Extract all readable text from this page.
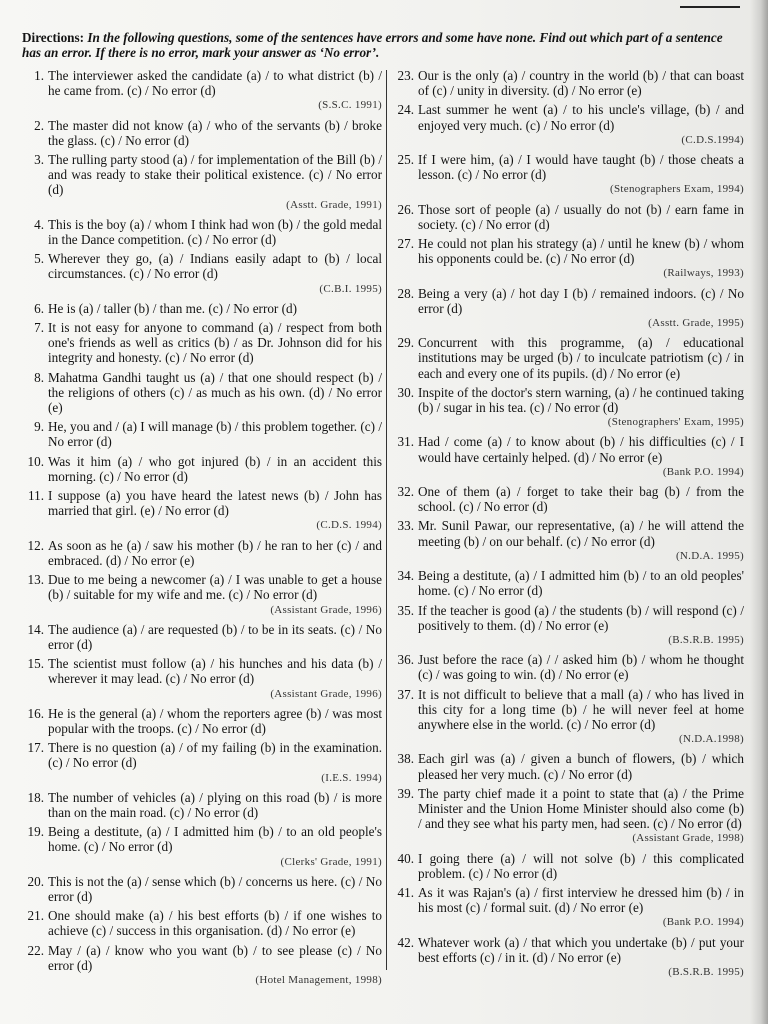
Directions: In the following questions, some of the sentences have errors and some have none. Find out which part of a sentence has an error. If there is no error, mark your answer as ‘No error’.
1. The interviewer asked the candidate (a) / to what district (b) / he came from. (c) / No error (d)
(S.S.C. 1991)
2. The master did not know (a) / who of the servants (b) / broke the glass. (c) / No error (d)
3. The rulling party stood (a) / for implementation of the Bill (b) / and was ready to stake their political existence. (c) / No error (d)
(Asstt. Grade, 1991)
4. This is the boy (a) / whom I think had won (b) / the gold medal in the Dance competition. (c) / No error (d)
5. Wherever they go, (a) / Indians easily adapt to (b) / local circumstances. (c) / No error (d)
(C.B.I. 1995)
6. He is (a) / taller (b) / than me. (c) / No error (d)
7. It is not easy for anyone to command (a) / respect from both one's friends as well as critics (b) / as Dr. Johnson did for his integrity and honesty. (c) / No error (d)
8. Mahatma Gandhi taught us (a) / that one should respect (b) / the religions of others (c) / as much as his own. (d) / No error (e)
9. He, you and / (a) I will manage (b) / this problem together. (c) / No error (d)
10. Was it him (a) / who got injured (b) / in an accident this morning. (c) / No error (d)
11. I suppose (a) you have heard the latest news (b) / John has married that girl. (e) / No error (d)
(C.D.S. 1994)
12. As soon as he (a) / saw his mother (b) / he ran to her (c) / and embraced. (d) / No error (e)
13. Due to me being a newcomer (a) / I was unable to get a house (b) / suitable for my wife and me. (c) / No error (d)
(Assistant Grade, 1996)
14. The audience (a) / are requested (b) / to be in its seats. (c) / No error (d)
15. The scientist must follow (a) / his hunches and his data (b) / wherever it may lead. (c) / No error (d)
(Assistant Grade, 1996)
16. He is the general (a) / whom the reporters agree (b) / was most popular with the troops. (c) / No error (d)
17. There is no question (a) / of my failing (b) in the examination. (c) / No error (d)
(I.E.S. 1994)
18. The number of vehicles (a) / plying on this road (b) / is more than on the main road. (c) / No error (d)
19. Being a destitute, (a) / I admitted him (b) / to an old people's home. (c) / No error (d)
(Clerks' Grade, 1991)
20. This is not the (a) / sense which (b) / concerns us here. (c) / No error (d)
21. One should make (a) / his best efforts (b) / if one wishes to achieve (c) / success in this organisation. (d) / No error (e)
22. May / (a) / know who you want (b) / to see please (c) / No error (d)
(Hotel Management, 1998)
23. Our is the only (a) / country in the world (b) / that can boast of (c) / unity in diversity. (d) / No error (e)
24. Last summer he went (a) / to his uncle's village, (b) / and enjoyed very much. (c) / No error (d)
(C.D.S.1994)
25. If I were him, (a) / I would have taught (b) / those cheats a lesson. (c) / No error (d)
(Stenographers Exam, 1994)
26. Those sort of people (a) / usually do not (b) / earn fame in society. (c) / No error (d)
27. He could not plan his strategy (a) / until he knew (b) / whom his opponents could be. (c) / No error (d)
(Railways, 1993)
28. Being a very (a) / hot day I (b) / remained indoors. (c) / No error (d)
(Asstt. Grade, 1995)
29. Concurrent with this programme, (a) / educational institutions may be urged (b) / to inculcate patriotism (c) / in each and every one of its pupils. (d) / No error (e)
30. Inspite of the doctor's stern warning, (a) / he continued taking (b) / sugar in his tea. (c) / No error (d)
(Stenographers' Exam, 1995)
31. Had / come (a) / to know about (b) / his difficulties (c) / I would have certainly helped. (d) / No error (e)
(Bank P.O. 1994)
32. One of them (a) / forget to take their bag (b) / from the school. (c) / No error (d)
33. Mr. Sunil Pawar, our representative, (a) / he will attend the meeting (b) / on our behalf. (c) / No error (d)
(N.D.A. 1995)
34. Being a destitute, (a) / I admitted him (b) / to an old peoples' home. (c) / No error (d)
35. If the teacher is good (a) / the students (b) / will respond (c) / positively to them. (d) / No error (e)
(B.S.R.B. 1995)
36. Just before the race (a) / / asked him (b) / whom he thought (c) / was going to win. (d) / No error (e)
37. It is not difficult to believe that a mall (a) / who has lived in this city for a long time (b) / he will never feel at home anywhere else in the world. (c) / No error (d)
(N.D.A.1998)
38. Each girl was (a) / given a bunch of flowers, (b) / which pleased her very much. (c) / No error (d)
39. The party chief made it a point to state that (a) / the Prime Minister and the Union Home Minister should also come (b) / and they see what his party men, had seen. (c) / No error (d)
(Assistant Grade, 1998)
40. I going there (a) / will not solve (b) / this complicated problem. (c) / No error (d)
41. As it was Rajan's (a) / first interview he dressed him (b) / in his most (c) / formal suit. (d) / No error (e)
(Bank P.O. 1994)
42. Whatever work (a) / that which you undertake (b) / put your best efforts (c) / in it. (d) / No error (e)
(B.S.R.B. 1995)
